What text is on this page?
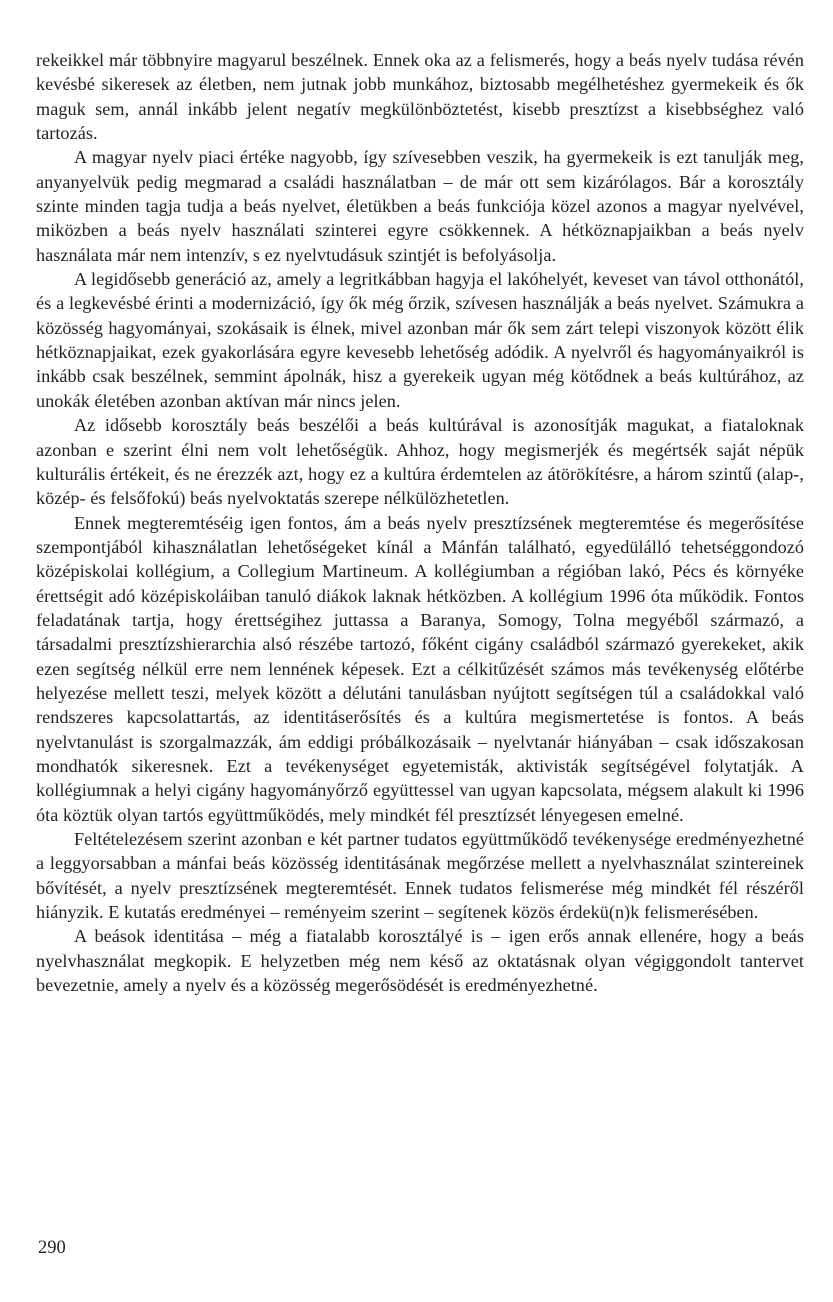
rekeikkel már többnyire magyarul beszélnek. Ennek oka az a felismerés, hogy a beás nyelv tudása révén kevésbé sikeresek az életben, nem jutnak jobb munkához, biztosabb megélhetéshez gyermekeik és ők maguk sem, annál inkább jelent negatív megkülönböztetést, kisebb presztízst a kisebbséghez való tartozás.

A magyar nyelv piaci értéke nagyobb, így szívesebben veszik, ha gyermekeik is ezt tanulják meg, anyanyelvük pedig megmarad a családi használatban – de már ott sem kizárólagos. Bár a korosztály szinte minden tagja tudja a beás nyelvet, életükben a beás funkciója közel azonos a magyar nyelvével, miközben a beás nyelv használati szinterei egyre csökkennek. A hétköznapjaikban a beás nyelv használata már nem intenzív, s ez nyelvtudásuk szintjét is befolyásolja.

A legidősebb generáció az, amely a legritkábban hagyja el lakóhelyét, keveset van távol otthonától, és a legkevésbé érinti a modernizáció, így ők még őrzik, szívesen használják a beás nyelvet. Számukra a közösség hagyományai, szokásaik is élnek, mivel azonban már ők sem zárt telepi viszonyok között élik hétköznapjaikat, ezek gyakorlására egyre kevesebb lehetőség adódik. A nyelvről és hagyományaikról is inkább csak beszélnek, semmint ápolnák, hisz a gyerekeik ugyan még kötődnek a beás kultúrához, az unokák életében azonban aktívan már nincs jelen.

Az idősebb korosztály beás beszélői a beás kultúrával is azonosítják magukat, a fiataloknak azonban e szerint élni nem volt lehetőségük. Ahhoz, hogy megismerjék és megértsék saját népük kulturális értékeit, és ne érezzék azt, hogy ez a kultúra érdemtelen az átörökítésre, a három szintű (alap-, közép- és felsőfokú) beás nyelvoktatás szerepe nélkülözhetetlen.

Ennek megteremtéséig igen fontos, ám a beás nyelv presztízsének megteremtése és megerősítése szempontjából kihasználatlan lehetőségeket kínál a Mánfán található, egyedülálló tehetséggondozó középiskolai kollégium, a Collegium Martineum. A kollégiumban a régióban lakó, Pécs és környéke érettségit adó középiskoláiban tanuló diákok laknak hétközben. A kollégium 1996 óta működik. Fontos feladatának tartja, hogy érettségihez juttassa a Baranya, Somogy, Tolna megyéből származó, a társadalmi presztízshierarchia alsó részébe tartozó, főként cigány családból származó gyerekeket, akik ezen segítség nélkül erre nem lennének képesek. Ezt a célkitűzését számos más tevékenység előtérbe helyezése mellett teszi, melyek között a délutáni tanulásban nyújtott segítségen túl a családokkal való rendszeres kapcsolattartás, az identitáserősítés és a kultúra megismertetése is fontos. A beás nyelvtanulást is szorgalmazzák, ám eddigi próbálkozásaik – nyelvtanár hiányában – csak időszakosan mondhatók sikeresnek. Ezt a tevékenységet egyetemisták, aktivisták segítségével folytatják. A kollégiumnak a helyi cigány hagyományőrző együttessel van ugyan kapcsolata, mégsem alakult ki 1996 óta köztük olyan tartós együttműködés, mely mindkét fél presztízsét lényegesen emelné.

Feltételezésem szerint azonban e két partner tudatos együttműködő tevékenysége eredményezhetné a leggyorsabban a mánfai beás közösség identitásának megőrzése mellett a nyelvhasználat szintereinek bővítését, a nyelv presztízsének megteremtését. Ennek tudatos felismerése még mindkét fél részéről hiányzik. E kutatás eredményei – reményeim szerint – segítenek közös érdekü(n)k felismerésében.

A beások identitása – még a fiatalabb korosztályé is – igen erős annak ellenére, hogy a beás nyelvhasználat megkopik. E helyzetben még nem késő az oktatásnak olyan végiggondolt tantervet bevezetnie, amely a nyelv és a közösség megerősödését is eredményezhetné.

290
